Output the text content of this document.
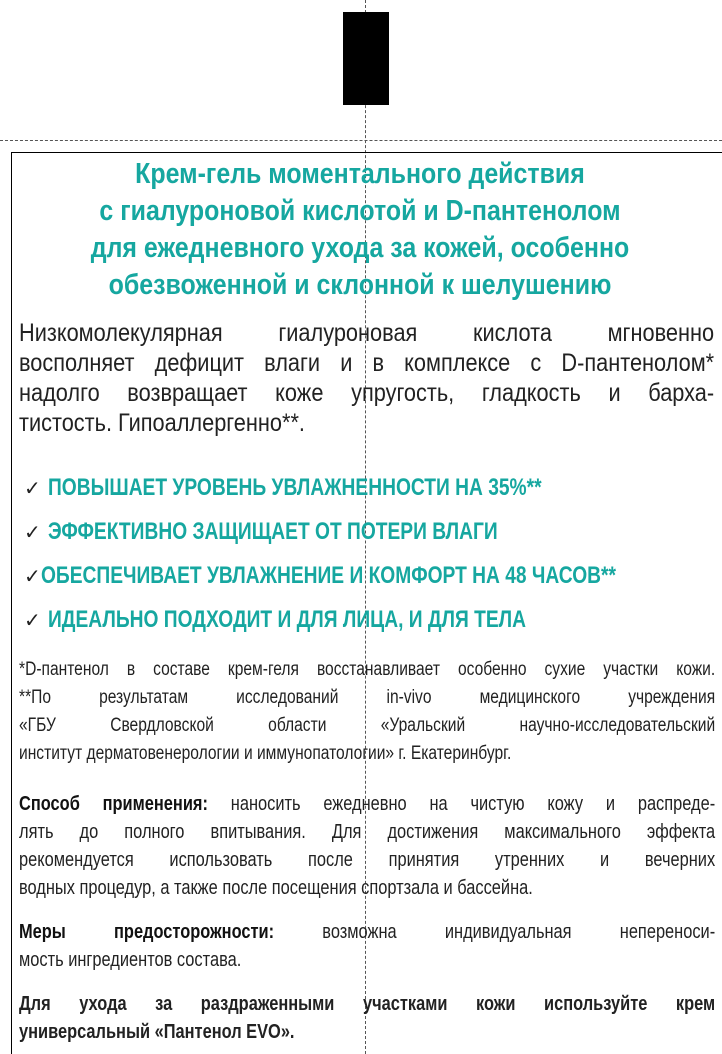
Крем-гель моментального действия
с гиалуроновой кислотой и D-пантенолом
для ежедневного ухода за кожей, особенно
обезвоженной и склонной к шелушению
Низкомолекулярная гиалуроновая кислота мгновенно
восполняет дефицит влаги и в комплексе с D-пантенолом*
надолго возвращает коже упругость, гладкость и барха-
тистость. Гипоаллергенно**.
✓ ПОВЫШАЕТ УРОВЕНЬ УВЛАЖНЕННОСТИ НА 35%**
✓ ЭФФЕКТИВНО ЗАЩИЩАЕТ ОТ ПОТЕРИ ВЛАГИ
✓ ОБЕСПЕЧИВАЕТ УВЛАЖНЕНИЕ И КОМФОРТ НА 48 ЧАСОВ**
✓ ИДЕАЛЬНО ПОДХОДИТ И ДЛЯ ЛИЦА, И ДЛЯ ТЕЛА
*D-пантенол в составе крем-геля восстанавливает особенно сухие участки кожи.
**По результатам исследований in-vivo медицинского учреждения
«ГБУ Свердловской области «Уральский научно-исследовательский
институт дерматовенерологии и иммунопатологии» г. Екатеринбург.
Способ применения: наносить ежедневно на чистую кожу и распреде-
лять до полного впитывания. Для достижения максимального эффекта
рекомендуется использовать после принятия утренних и вечерних
водных процедур, а также после посещения спортзала и бассейна.
Меры предосторожности: возможна индивидуальная непереноси-
мость ингредиентов состава.
Для ухода за раздраженными участками кожи используйте крем
универсальный «Пантенол EVO».
